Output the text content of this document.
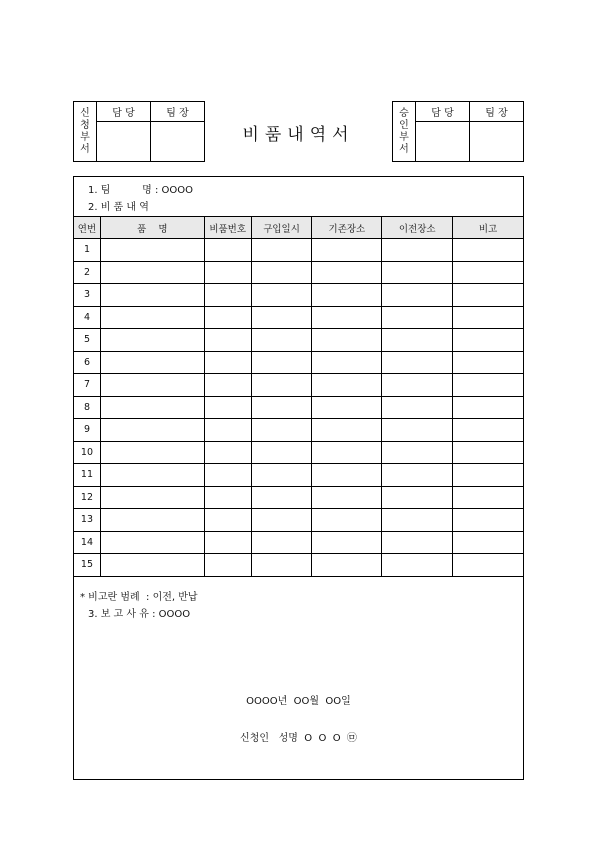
신청부서	담 당	팀 장

비품내역서
승인부서	담 당	팀 장

1. 팀          명 : OOOO
2. 비 품 내 역
연번	품    명	비품번호	구입일시	기존장소	이전장소	비고
1						
2						
3						
4						
5						
6						
7						
8						
9						
10						
11						
12						
13						
14						
15						
* 비고란 범례  : 이전, 반납
3. 보 고 사 유 : OOOO
OOOO년  OO월  OO일
신청인   성명  O  O  O  ㉤
